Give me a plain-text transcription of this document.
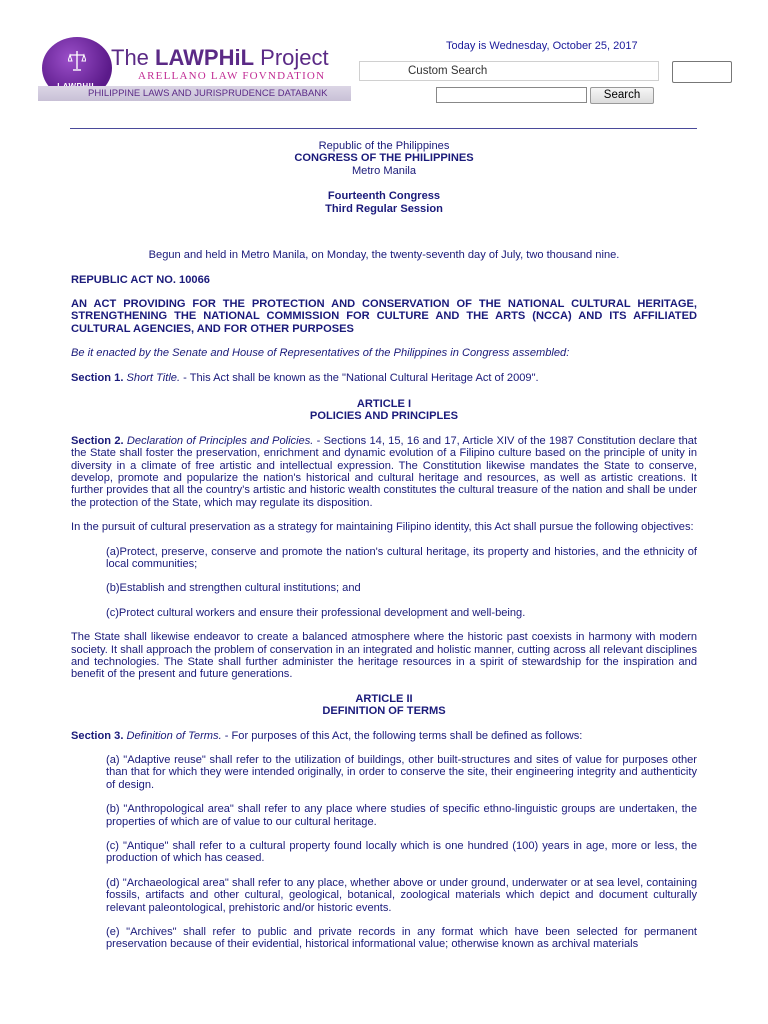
The LAWPHiL Project
ARELLANO LAW FOVNDATION
PHILIPPINE LAWS AND JURISPRUDENCE DATABANK
Today is Wednesday, October 25, 2017
Custom Search
Search
Republic of the Philippines
CONGRESS OF THE PHILIPPINES
Metro Manila
Fourteenth Congress
Third Regular Session
Begun and held in Metro Manila, on Monday, the twenty-seventh day of July, two thousand nine.
REPUBLIC ACT NO. 10066
AN ACT PROVIDING FOR THE PROTECTION AND CONSERVATION OF THE NATIONAL CULTURAL HERITAGE, STRENGTHENING THE NATIONAL COMMISSION FOR CULTURE AND THE ARTS (NCCA) AND ITS AFFILIATED CULTURAL AGENCIES, AND FOR OTHER PURPOSES
Be it enacted by the Senate and House of Representatives of the Philippines in Congress assembled:
Section 1. Short Title. - This Act shall be known as the "National Cultural Heritage Act of 2009".
ARTICLE I
POLICIES AND PRINCIPLES
Section 2. Declaration of Principles and Policies. - Sections 14, 15, 16 and 17, Article XIV of the 1987 Constitution declare that the State shall foster the preservation, enrichment and dynamic evolution of a Filipino culture based on the principle of unity in diversity in a climate of free artistic and intellectual expression. The Constitution likewise mandates the State to conserve, develop, promote and popularize the nation's historical and cultural heritage and resources, as well as artistic creations. It further provides that all the country's artistic and historic wealth constitutes the cultural treasure of the nation and shall be under the protection of the State, which may regulate its disposition.
In the pursuit of cultural preservation as a strategy for maintaining Filipino identity, this Act shall pursue the following objectives:
(a)Protect, preserve, conserve and promote the nation's cultural heritage, its property and histories, and the ethnicity of local communities;
(b)Establish and strengthen cultural institutions; and
(c)Protect cultural workers and ensure their professional development and well-being.
The State shall likewise endeavor to create a balanced atmosphere where the historic past coexists in harmony with modern society. It shall approach the problem of conservation in an integrated and holistic manner, cutting across all relevant disciplines and technologies. The State shall further administer the heritage resources in a spirit of stewardship for the inspiration and benefit of the present and future generations.
ARTICLE II
DEFINITION OF TERMS
Section 3. Definition of Terms. - For purposes of this Act, the following terms shall be defined as follows:
(a) "Adaptive reuse" shall refer to the utilization of buildings, other built-structures and sites of value for purposes other than that for which they were intended originally, in order to conserve the site, their engineering integrity and authenticity of design.
(b) "Anthropological area" shall refer to any place where studies of specific ethno-linguistic groups are undertaken, the properties of which are of value to our cultural heritage.
(c) "Antique" shall refer to a cultural property found locally which is one hundred (100) years in age, more or less, the production of which has ceased.
(d) "Archaeological area" shall refer to any place, whether above or under ground, underwater or at sea level, containing fossils, artifacts and other cultural, geological, botanical, zoological materials which depict and document culturally relevant paleontological, prehistoric and/or historic events.
(e) "Archives" shall refer to public and private records in any format which have been selected for permanent preservation because of their evidential, historical informational value; otherwise known as archival materials
